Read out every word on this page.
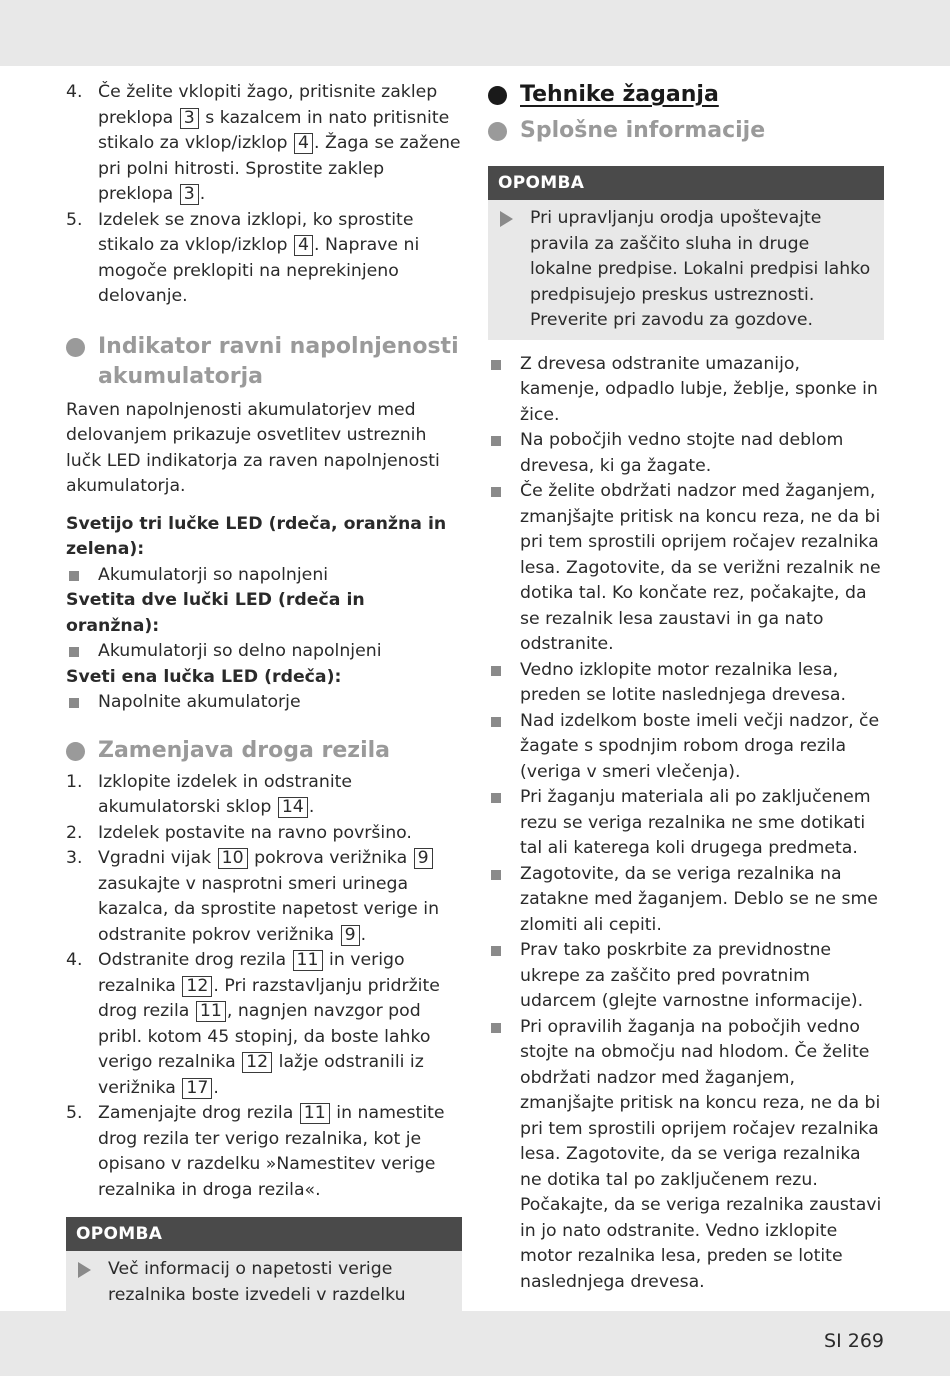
4. Če želite vklopiti žago, pritisnite zaklep preklopa 3 s kazalcem in nato pritisnite stikalo za vklop/izklop 4 . Žaga se zažene pri polni hitrosti. Sprostite zaklep preklopa 3 .
5. Izdelek se znova izklopi, ko sprostite stikalo za vklop/izklop 4 . Naprave ni mogoče preklopiti na neprekinjeno delovanje.
Indikator ravni napolnjenosti akumulatorja
Raven napolnjenosti akumulatorjev med delovanjem prikazuje osvetlitev ustreznih lučk LED indikatorja za raven napolnjenosti akumulatorja.
Svetijo tri lučke LED (rdeča, oranžna in zelena):
Akumulatorji so napolnjeni
Svetita dve lučki LED (rdeča in oranžna):
Akumulatorji so delno napolnjeni
Sveti ena lučka LED (rdeča):
Napolnite akumulatorje
Zamenjava droga rezila
1. Izklopite izdelek in odstranite akumulatorski sklop 14 .
2. Izdelek postavite na ravno površino.
3. Vgradni vijak 10 pokrova verižnika 9 zasukajte v nasprotni smeri urinega kazalca, da sprostite napetost verige in odstranite pokrov verižnika 9 .
4. Odstranite drog rezila 11 in verigo rezalnika 12 . Pri razstavljanju pridržite drog rezila 11 , nagnjen navzgor pod pribl. kotom 45 stopinj, da boste lahko verigo rezalnika 12 lažje odstranili iz verižnika 17 .
5. Zamenjajte drog rezila 11 in namestite drog rezila ter verigo rezalnika, kot je opisano v razdelku »Namestitev verige rezalnika in droga rezila«.
OPOMBA
Več informacij o napetosti verige rezalnika boste izvedeli v razdelku
Tehnike žaganja
Splošne informacije
OPOMBA
Pri upravljanju orodja upoštevajte pravila za zaščito sluha in druge lokalne predpise. Lokalni predpisi lahko predpisujejo preskus ustreznosti. Preverite pri zavodu za gozdove.
Z drevesa odstranite umazanijo, kamenje, odpadlo lubje, žeblje, sponke in žice.
Na pobočjih vedno stojte nad deblom drevesa, ki ga žagate.
Če želite obdržati nadzor med žaganjem, zmanjšajte pritisk na koncu reza, ne da bi pri tem sprostili oprijem ročajev rezalnika lesa. Zagotovite, da se verižni rezalnik ne dotika tal. Ko končate rez, počakajte, da se rezalnik lesa zaustavi in ga nato odstranite.
Vedno izklopite motor rezalnika lesa, preden se lotite naslednjega drevesa.
Nad izdelkom boste imeli večji nadzor, če žagate s spodnjim robom droga rezila (veriga v smeri vlečenja).
Pri žaganju materiala ali po zaključenem rezu se veriga rezalnika ne sme dotikati tal ali katerega koli drugega predmeta.
Zagotovite, da se veriga rezalnika na zatakne med žaganjem. Deblo se ne sme zlomiti ali cepiti.
Prav tako poskrbite za previdnostne ukrepe za zaščito pred povratnim udarcem (glejte varnostne informacije).
Pri opravilih žaganja na pobočjih vedno stojte na območju nad hlodom. Če želite obdržati nadzor med žaganjem, zmanjšajte pritisk na koncu reza, ne da bi pri tem sprostili oprijem ročajev rezalnika lesa. Zagotovite, da se veriga rezalnika ne dotika tal po zaključenem rezu. Počakajte, da se veriga rezalnika zaustavi in jo nato odstranite. Vedno izklopite motor rezalnika lesa, preden se lotite naslednjega drevesa.
SI 269
